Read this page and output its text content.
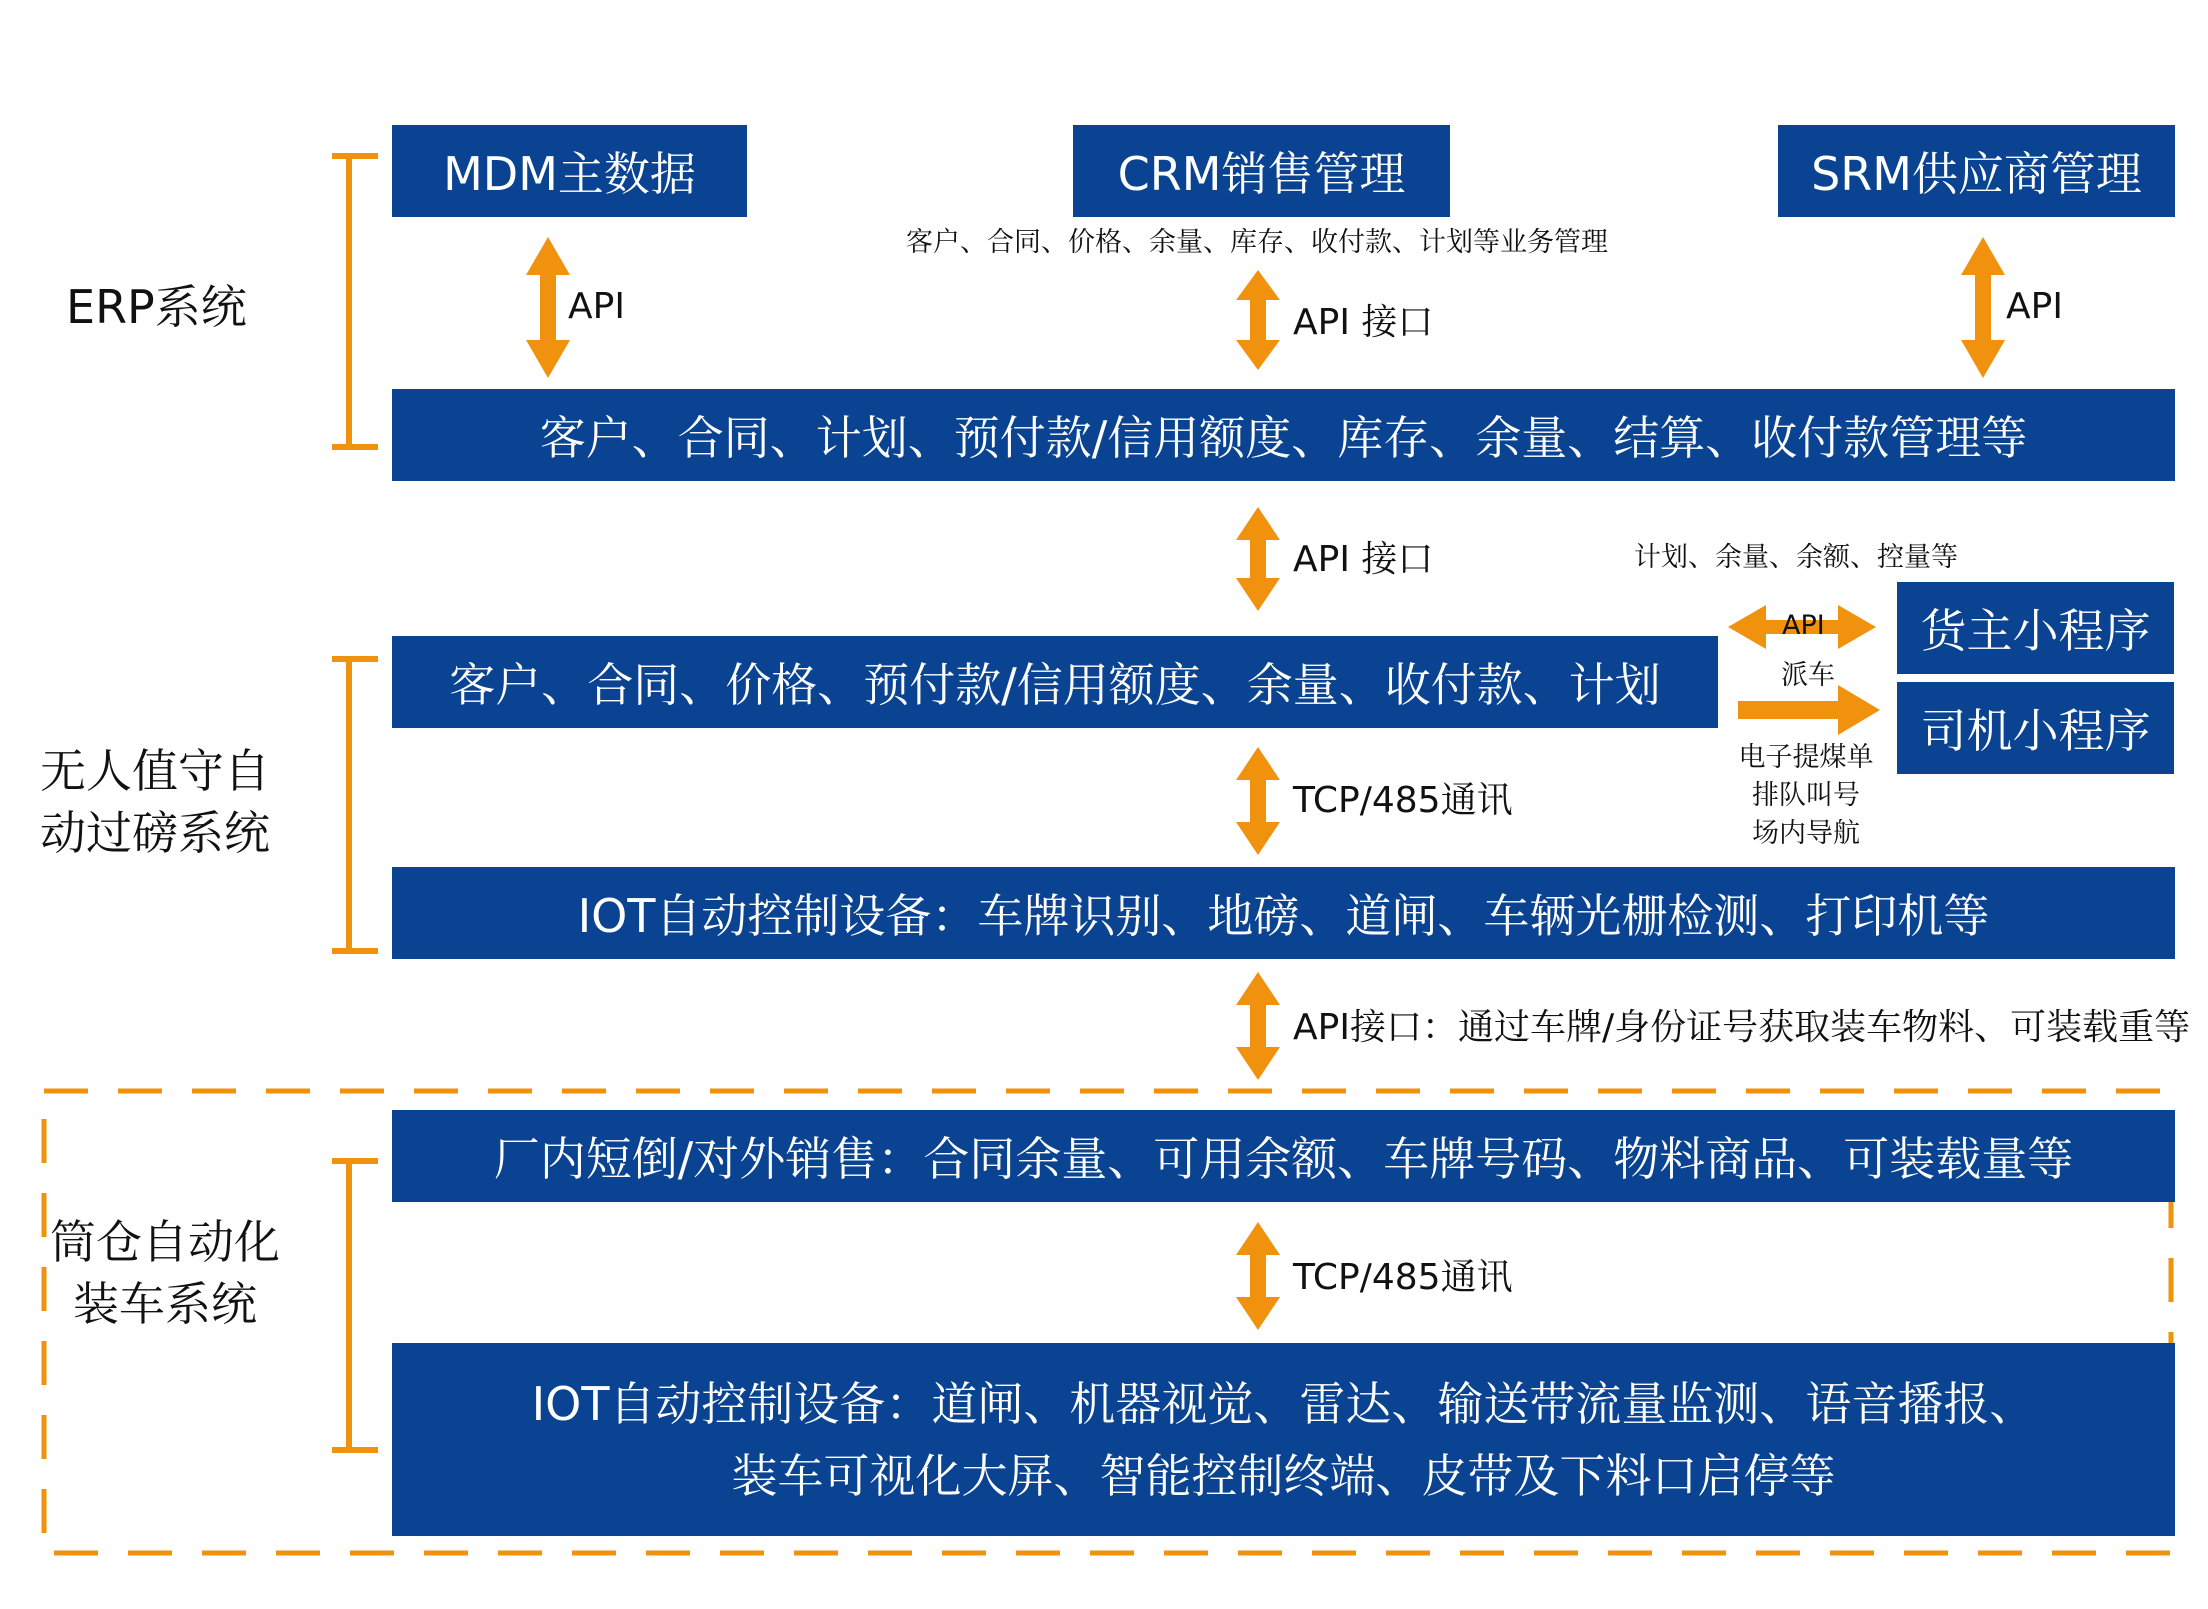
ERP系统
无人值守自
动过磅系统
筒仓自动化
装车系统
MDM主数据	CRM销售管理	SRM供应商管理
客户、合同、价格、余量、库存、收付款、计划等业务管理
API	API 接口	API
客户、合同、计划、预付款/信用额度、库存、余量、结算、收付款管理等
API 接口	计划、余量、余额、控量等
客户、合同、价格、预付款/信用额度、余量、收付款、计划
货主小程序
司机小程序
API
派车
电子提煤单
排队叫号
场内导航
TCP/485通讯
IOT自动控制设备：车牌识别、地磅、道闸、车辆光栅检测、打印机等
API接口：通过车牌/身份证号获取装车物料、可装载重等
厂内短倒/对外销售：合同余量、可用余额、车牌号码、物料商品、可装载量等
TCP/485通讯
IOT自动控制设备：道闸、机器视觉、雷达、输送带流量监测、语音播报、
装车可视化大屏、智能控制终端、皮带及下料口启停等
